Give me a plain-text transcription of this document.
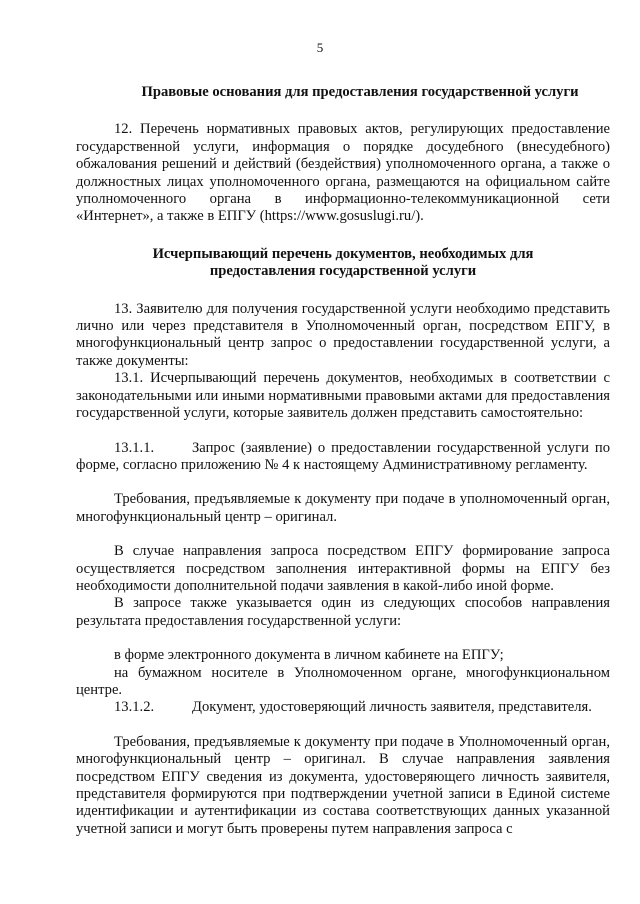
5

Правовые основания для предоставления государственной услуги

12. Перечень нормативных правовых актов, регулирующих предоставление государственной услуги, информация о порядке досудебного (внесудебного) обжалования решений и действий (бездействия) уполномоченного органа, а также о должностных лицах уполномоченного органа, размещаются на официальном сайте уполномоченного органа в информационно-телекоммуникационной сети «Интернет», а также в ЕПГУ (https://www.gosuslugi.ru/).

Исчерпывающий перечень документов, необходимых для
предоставления государственной услуги

13. Заявителю для получения государственной услуги необходимо представить лично или через представителя в Уполномоченный орган, посредством ЕПГУ, в многофункциональный центр запрос о предоставлении государственной услуги, а также документы:

13.1. Исчерпывающий перечень документов, необходимых в соответствии с законодательными или иными нормативными правовыми актами для предоставления государственной услуги, которые заявитель должен представить самостоятельно:

13.1.1.	Запрос (заявление) о предоставлении государственной услуги по форме, согласно приложению № 4 к настоящему Административному регламенту.

Требования, предъявляемые к документу при подаче в уполномоченный орган, многофункциональный центр – оригинал.

В случае направления запроса посредством ЕПГУ формирование запроса осуществляется посредством заполнения интерактивной формы на ЕПГУ без необходимости дополнительной подачи заявления в какой-либо иной форме.

В запросе также указывается один из следующих способов направления результата предоставления государственной услуги:

в форме электронного документа в личном кабинете на ЕПГУ;

на бумажном носителе в Уполномоченном органе, многофункциональном центре.

13.1.2.	Документ, удостоверяющий личность заявителя, представителя.

Требования, предъявляемые к документу при подаче в Уполномоченный орган, многофункциональный центр – оригинал. В случае направления заявления посредством ЕПГУ сведения из документа, удостоверяющего личность заявителя, представителя формируются при подтверждении учетной записи в Единой системе идентификации и аутентификации из состава соответствующих данных указанной учетной записи и могут быть проверены путем направления запроса с
